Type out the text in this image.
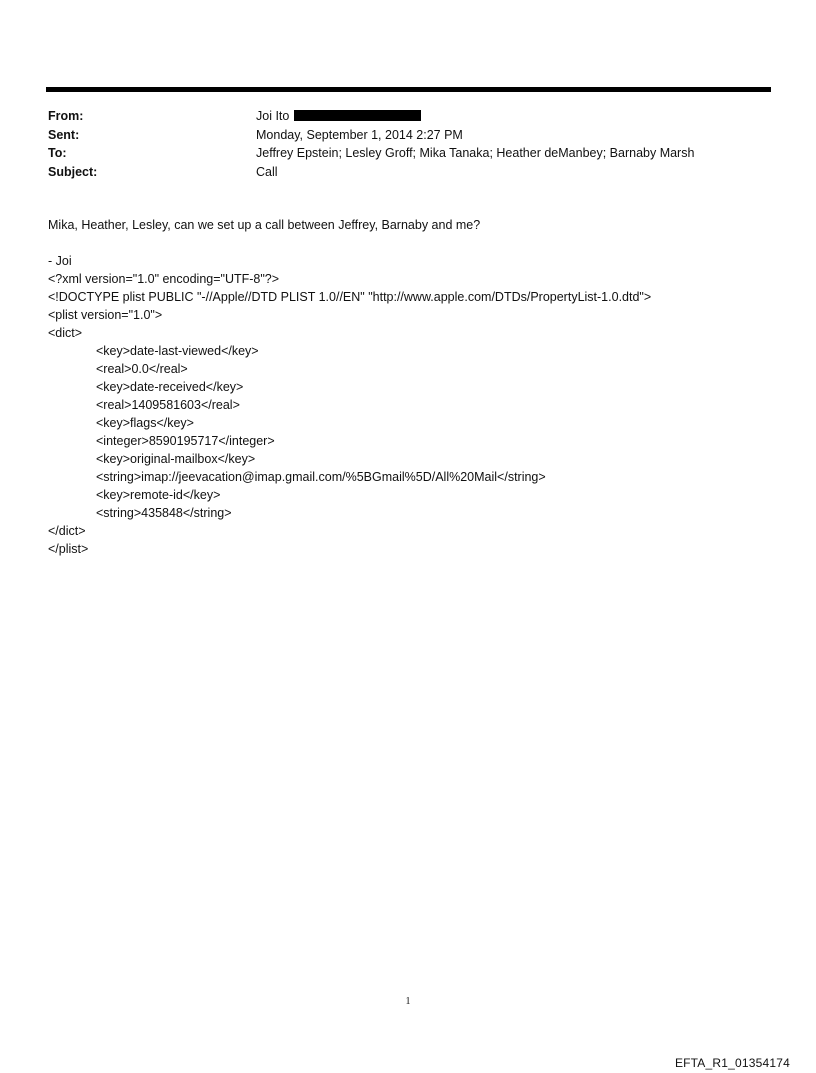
From:	Joi Ito
Sent:	Monday, September 1, 2014 2:27 PM
To:	Jeffrey Epstein; Lesley Groff; Mika Tanaka; Heather deManbey; Barnaby Marsh
Subject:	Call

Mika, Heather, Lesley, can we set up a call between Jeffrey, Barnaby and me?

- Joi

<?xml version="1.0" encoding="UTF-8"?>

<!DOCTYPE plist PUBLIC "-//Apple//DTD PLIST 1.0//EN" "http://www.apple.com/DTDs/PropertyList-1.0.dtd">

<plist version="1.0">

<dict>

<key>date-last-viewed</key>

<real>0.0</real>

<key>date-received</key>

<real>1409581603</real>

<key>flags</key>

<integer>8590195717</integer>

<key>original-mailbox</key>

<string>imap://jeevacation@imap.gmail.com/%5BGmail%5D/All%20Mail</string>

<key>remote-id</key>

<string>435848</string>

</dict>

</plist>

1
EFTA_R1_01354174
